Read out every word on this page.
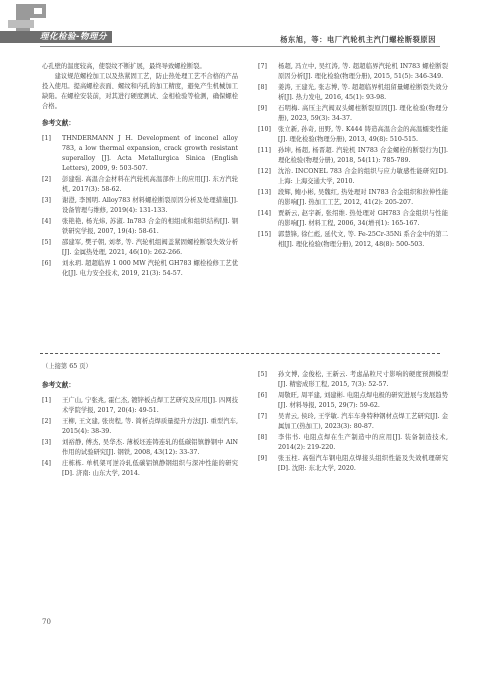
理化检验-物理分册
杨东旭，等：电厂汽轮机主汽门螺栓断裂原因

心孔壁的温度较高，使裂纹不断扩展，最终导致螺栓断裂。

建议规范螺栓加工以及热紧固工艺，防止热处理工艺不合格的产品投入使用。提高螺栓表面、螺纹和内孔的加工精度，避免产生机械加工缺陷。在螺栓安装前，对其进行硬度测试、金相检验等检测，确保螺栓合格。

参考文献：
[1]	THNDERMANN J H. Development of inconel alloy 783, a low thermal expansion, crack growth resistant superalloy [J]. Acta Metallurgica Sinica (English Letters), 2009, 9: 503-507.
[2]	彭建强. 高温合金材料在汽轮机高温部件上的应用[J]. 东方汽轮机, 2017(3): 58-62.
[3]	谢澄, 李国明. Alloy783 材料螺栓断裂原因分析及处理措施[J]. 设备管理与维修, 2019(4): 131-133.
[4]	张艳艳, 杨光炜, 苏淑. In783 合金的相组成和组织结构[J]. 钢铁研究学报, 2007, 19(4): 58-61.
[5]	邵建军, 樊子朝, 刘孝, 等. 汽轮机组阀盖紧固螺栓断裂失效分析[J]. 金属热处理, 2021, 46(10): 262-266.
[6]	刘永玥. 超超临界 1 000 MW 汽轮机 GH783 螺栓检修工艺优化[J]. 电力安全技术, 2019, 21(3): 54-57.
[7]	杨超, 冯立中, 吴红涛, 等. 超超临界汽轮机 IN783 螺栓断裂原因分析[J]. 理化检验(物理分册), 2015, 51(5): 346-349.
[8]	姜涛, 王建光, 张志博, 等. 超超临界机组留量螺栓断裂失效分析[J]. 热力发电, 2016, 45(1): 93-98.
[9]	石明梅. 高压主汽阀双头螺柱断裂原因[J]. 理化检验(物理分册), 2023, 59(3): 34-37.
[10]	张立新, 孙奇, 田野, 等. K444 铸造高温合金的高温蠕变性能[J]. 理化检验(物理分册), 2013, 49(8): 510-515.
[11]	孙坤, 杨超, 杨晋超. 汽轮机 IN783 合金螺栓的断裂行为[J]. 理化检验(物理分册), 2018, 54(11): 785-789.
[12]	沈治. INCONEL 783 合金的组织与应力敏感性能研究[D]. 上海: 上海交通大学, 2010.
[13]	段辉, 鲍小彬, 吴魏红, 热处理对 IN783 合金组织和拉伸性能的影响[J]. 热加工工艺, 2012, 41(2): 205-207.
[14]	贾新云, 赵宇新, 张绍维. 热处理对 GH783 合金组织与性能的影响[J]. 材料工程, 2006, 34(增刊1): 165-167.
[15]	郭慧锋, 徐仁彪, 延代文, 等. Fe-25Cr-35Ni 系合金中的第二相[J]. 理化检验(物理分册), 2012, 48(8): 500-503.
（上接第 65 页）
参考文献：
[1]	王广山, 宁张兆, 霍仁杰, 镀锌板点焊工艺研究及应用[J]. 四网技术学院学报, 2017, 20(4): 49-51.
[2]	王柳, 王文建, 张贵程, 等. 简析点焊质量提升方法[J]. 重型汽车, 2015(4): 38-39.
[3]	刘裕静, 傅杰, 吴华杰. 薄板坯连铸连轧的低碳铝镇静钢中 AlN 作用的试验研究[J]. 钢铁, 2008, 43(12): 33-37.
[4]	庄栋栋. 单机架可逆冷轧低碳铝镇静钢组织与深冲性能的研究[D]. 济南: 山东大学, 2014.
[5]	孙文博, 金俊松, 王新云. 考虑晶粒尺寸影响的硬度预测模型[J]. 精密成形工程, 2015, 7(3): 52-57.
[6]	周敬旺, 周平建, 刘建彬. 电阻点焊电极的研究进展与发展趋势[J]. 材料导报, 2015, 29(7): 59-62.
[7]	吴青云, 侯玲, 王学敏. 汽车车身特种钢材点焊工艺研究[J]. 金属加工(热加工), 2023(3): 80-87.
[8]	李伟书. 电阻点焊在生产制造中的应用[J]. 装备制造技术, 2014(2): 219-220.
[9]	张玉柱. 高强汽车钢电阻点焊接头组织性能及失效机理研究[D]. 沈阳: 东北大学, 2020.
70
